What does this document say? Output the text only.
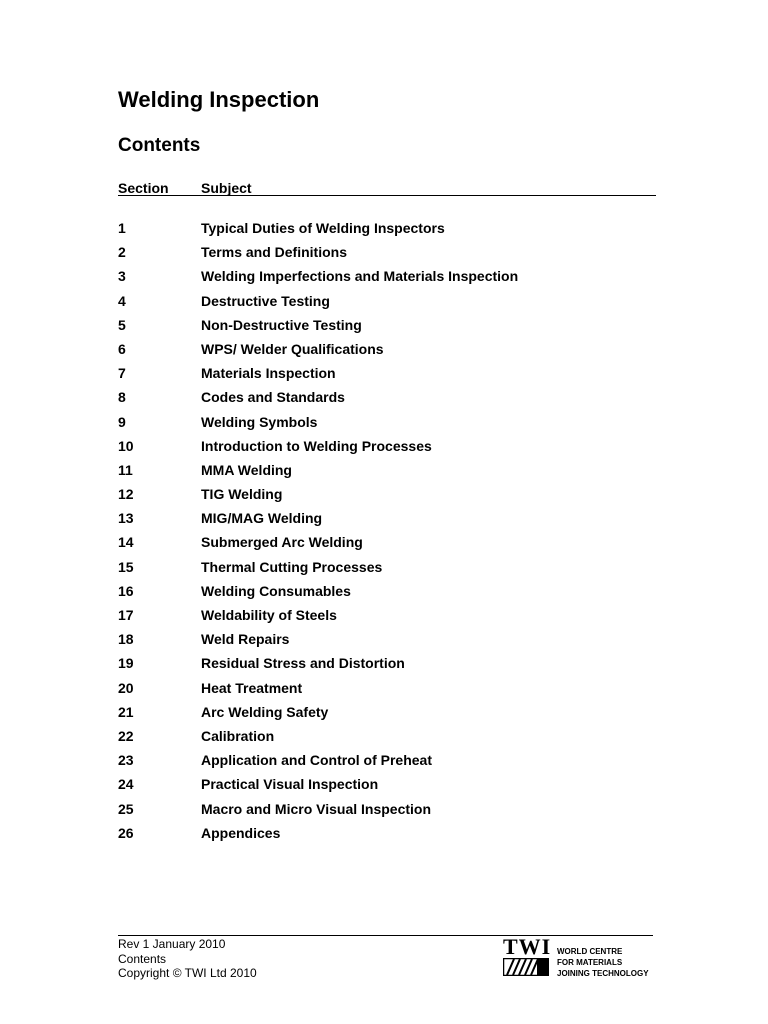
Welding Inspection
Contents
Section Subject
1	Typical Duties of Welding Inspectors
2	Terms and Definitions
3	Welding Imperfections and Materials Inspection
4	Destructive Testing
5	Non-Destructive Testing
6	WPS/ Welder Qualifications
7	Materials Inspection
8	Codes and Standards
9	Welding Symbols
10	Introduction to Welding Processes
11	MMA Welding
12	TIG Welding
13	MIG/MAG Welding
14	Submerged Arc Welding
15	Thermal Cutting Processes
16	Welding Consumables
17	Weldability of Steels
18	Weld Repairs
19	Residual Stress and Distortion
20	Heat Treatment
21	Arc Welding Safety
22	Calibration
23	Application and Control of Preheat
24	Practical Visual Inspection
25	Macro and Micro Visual Inspection
26	Appendices
Rev 1 January 2010
Contents
Copyright © TWI Ltd 2010
TWI WORLD CENTRE
FOR MATERIALS
JOINING TECHNOLOGY
